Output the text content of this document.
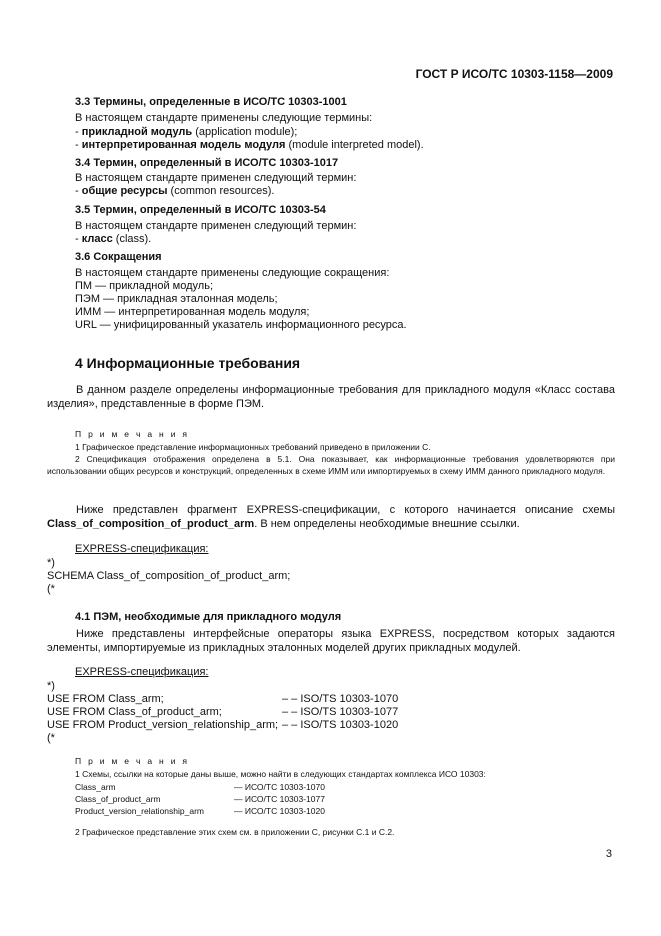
ГОСТ Р ИСО/ТС 10303-1158—2009
3.3 Термины, определенные в ИСО/ТС 10303-1001
В настоящем стандарте применены следующие термины:
- прикладной модуль (application module);
- интерпретированная модель модуля (module interpreted model).
3.4 Термин, определенный в ИСО/ТС 10303-1017
В настоящем стандарте применен следующий термин:
- общие ресурсы (common resources).
3.5 Термин, определенный в ИСО/ТС 10303-54
В настоящем стандарте применен следующий термин:
- класс (class).
3.6 Сокращения
В настоящем стандарте применены следующие сокращения:
ПМ — прикладной модуль;
ПЭМ — прикладная эталонная модель;
ИММ — интерпретированная модель модуля;
URL — унифицированный указатель информационного ресурса.
4 Информационные требования
В данном разделе определены информационные требования для прикладного модуля «Класс состава изделия», представленные в форме ПЭМ.
П р и м е ч а н и я
1 Графическое представление информационных требований приведено в приложении С.
2 Спецификация отображения определена в 5.1. Она показывает, как информационные требования удовлетворяются при использовании общих ресурсов и конструкций, определенных в схеме ИММ или импортируемых в схему ИММ данного прикладного модуля.
Ниже представлен фрагмент EXPRESS-спецификации, с которого начинается описание схемы Class_of_composition_of_product_arm. В нем определены необходимые внешние ссылки.
EXPRESS-спецификация:
*)
SCHEMA Class_of_composition_of_product_arm;
(*
4.1 ПЭМ, необходимые для прикладного модуля
Ниже представлены интерфейсные операторы языка EXPRESS, посредством которых задаются элементы, импортируемые из прикладных эталонных моделей других прикладных модулей.
EXPRESS-спецификация:
*)
USE FROM Class_arm;	– – ISO/TS 10303-1070
USE FROM Class_of_product_arm;	– – ISO/TS 10303-1077
USE FROM Product_version_relationship_arm; – – ISO/TS 10303-1020
(*
П р и м е ч а н и я
1 Схемы, ссылки на которые даны выше, можно найти в следующих стандартах комплекса ИСО 10303:
Class_arm	— ИСО/ТС 10303-1070
Class_of_product_arm	— ИСО/ТС 10303-1077
Product_version_relationship_arm	— ИСО/ТС 10303-1020
2 Графическое представление этих схем см. в приложении С, рисунки С.1 и С.2.
3
